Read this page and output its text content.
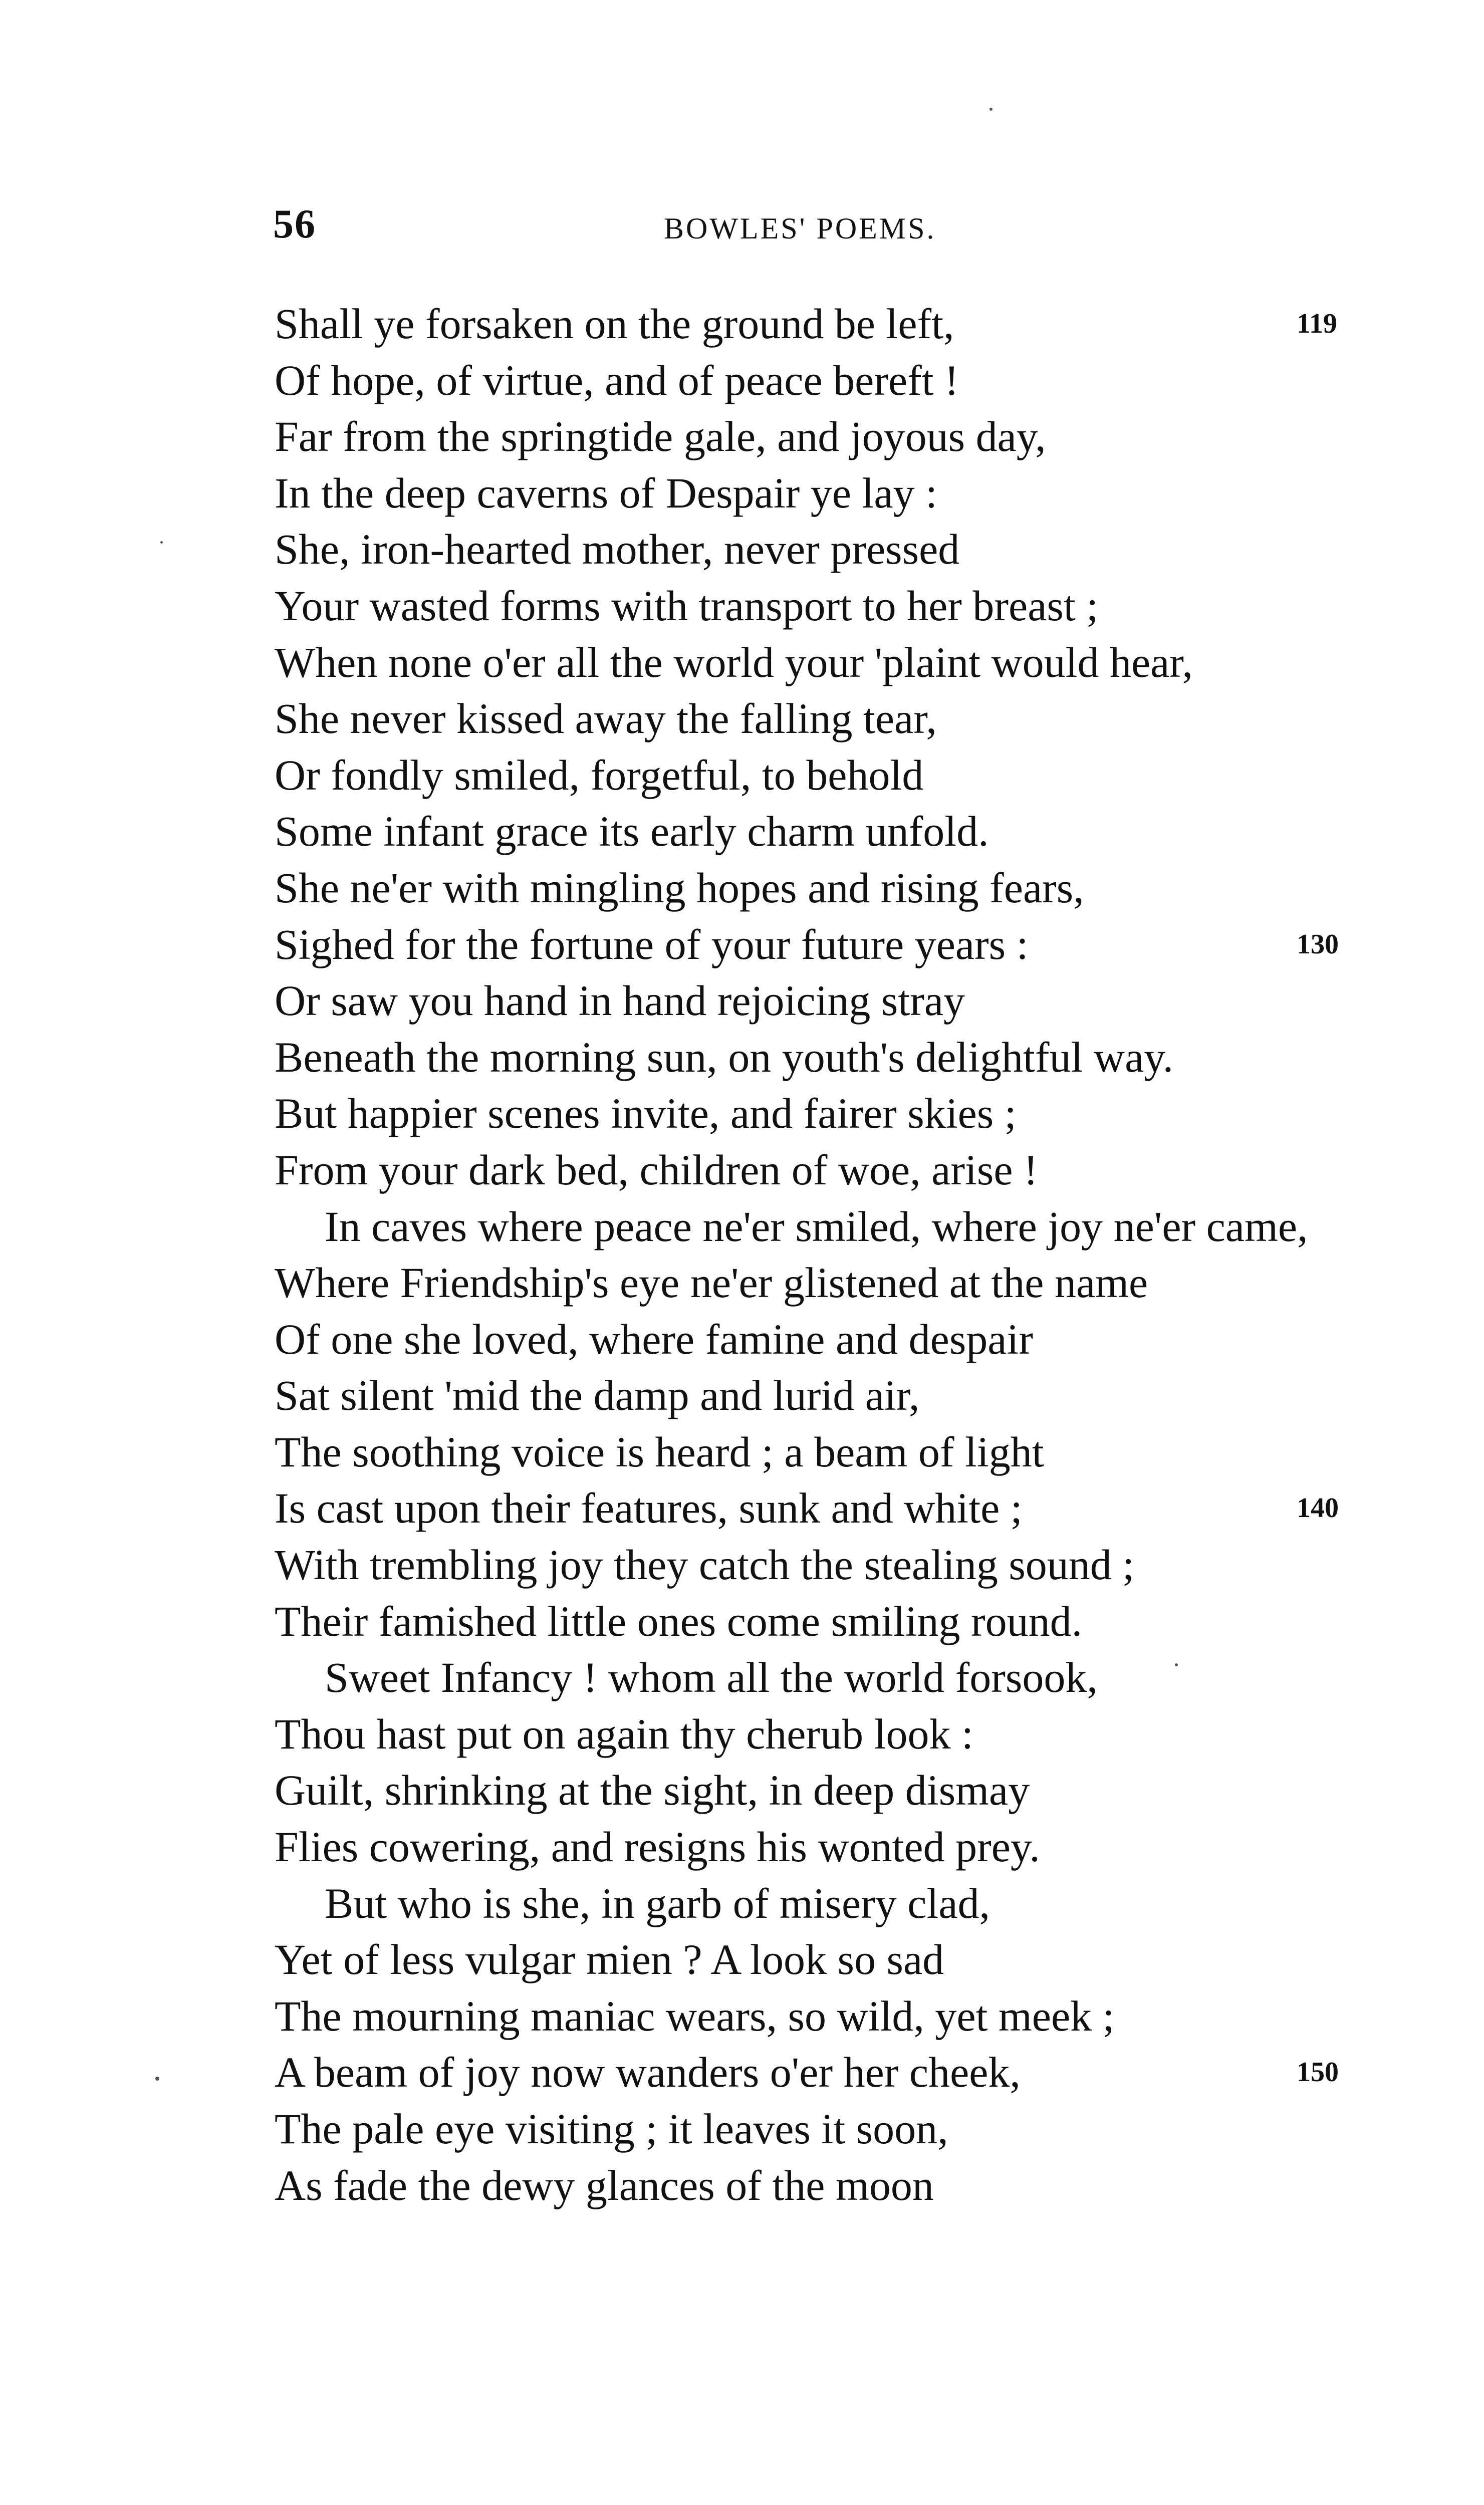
56	BOWLES' POEMS.
Shall ye forsaken on the ground be left,	119
Of hope, of virtue, and of peace bereft !
Far from the springtide gale, and joyous day,
In the deep caverns of Despair ye lay :
She, iron-hearted mother, never pressed
Your wasted forms with transport to her breast ;
When none o'er all the world your 'plaint would hear,
She never kissed away the falling tear,
Or fondly smiled, forgetful, to behold
Some infant grace its early charm unfold.
She ne'er with mingling hopes and rising fears,
Sighed for the fortune of your future years :	130
Or saw you hand in hand rejoicing stray
Beneath the morning sun, on youth's delightful way.
But happier scenes invite, and fairer skies ;
From your dark bed, children of woe, arise !
In caves where peace ne'er smiled, where joy ne'er came,
Where Friendship's eye ne'er glistened at the name
Of one she loved, where famine and despair
Sat silent 'mid the damp and lurid air,
The soothing voice is heard ; a beam of light
Is cast upon their features, sunk and white ;	140
With trembling joy they catch the stealing sound ;
Their famished little ones come smiling round.
Sweet Infancy ! whom all the world forsook,
Thou hast put on again thy cherub look :
Guilt, shrinking at the sight, in deep dismay
Flies cowering, and resigns his wonted prey.
But who is she, in garb of misery clad,
Yet of less vulgar mien ? A look so sad
The mourning maniac wears, so wild, yet meek ;
A beam of joy now wanders o'er her cheek,	150
The pale eye visiting ; it leaves it soon,
As fade the dewy glances of the moon
